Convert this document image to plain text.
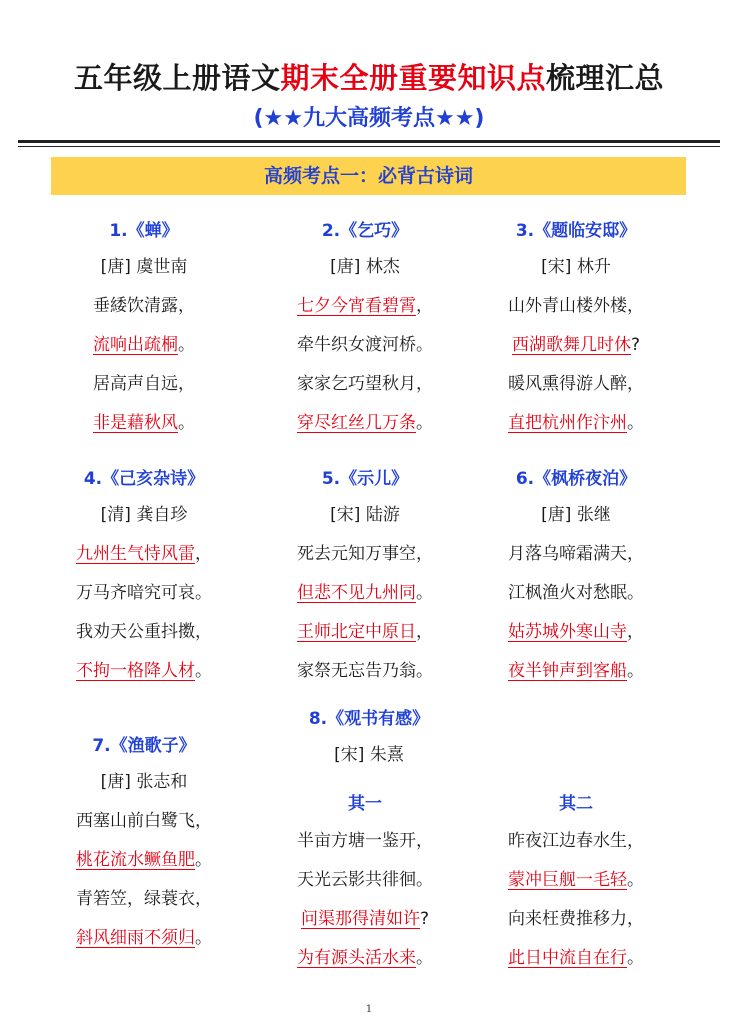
五年级上册语文期末全册重要知识点梳理汇总
(★★九大高频考点★★)
高频考点一：必背古诗词
1.《蝉》
[唐] 虞世南
垂緌饮清露，
流响出疏桐。
居高声自远，
非是藉秋风。
2.《乞巧》
[唐] 林杰
七夕今宵看碧霄，
牵牛织女渡河桥。
家家乞巧望秋月，
穿尽红丝几万条。
3.《题临安邸》
[宋] 林升
山外青山楼外楼，
西湖歌舞几时休?
暖风熏得游人醉，
直把杭州作汴州。
4.《己亥杂诗》
[清] 龚自珍
九州生气恃风雷，
万马齐喑究可哀。
我劝天公重抖擞，
不拘一格降人材。
5.《示儿》
[宋] 陆游
死去元知万事空，
但悲不见九州同。
王师北定中原日，
家祭无忘告乃翁。
6.《枫桥夜泊》
[唐] 张继
月落乌啼霜满天，
江枫渔火对愁眠。
姑苏城外寒山寺，
夜半钟声到客船。
7.《渔歌子》
[唐] 张志和
西塞山前白鹭飞，
桃花流水鳜鱼肥。
青箬笠，绿蓑衣，
斜风细雨不须归。
8.《观书有感》
[宋] 朱熹
其一
半亩方塘一鉴开，
天光云影共徘徊。
问渠那得清如许?
为有源头活水来。
其二
昨夜江边春水生，
蒙冲巨舰一毛轻。
向来枉费推移力，
此日中流自在行。
1
